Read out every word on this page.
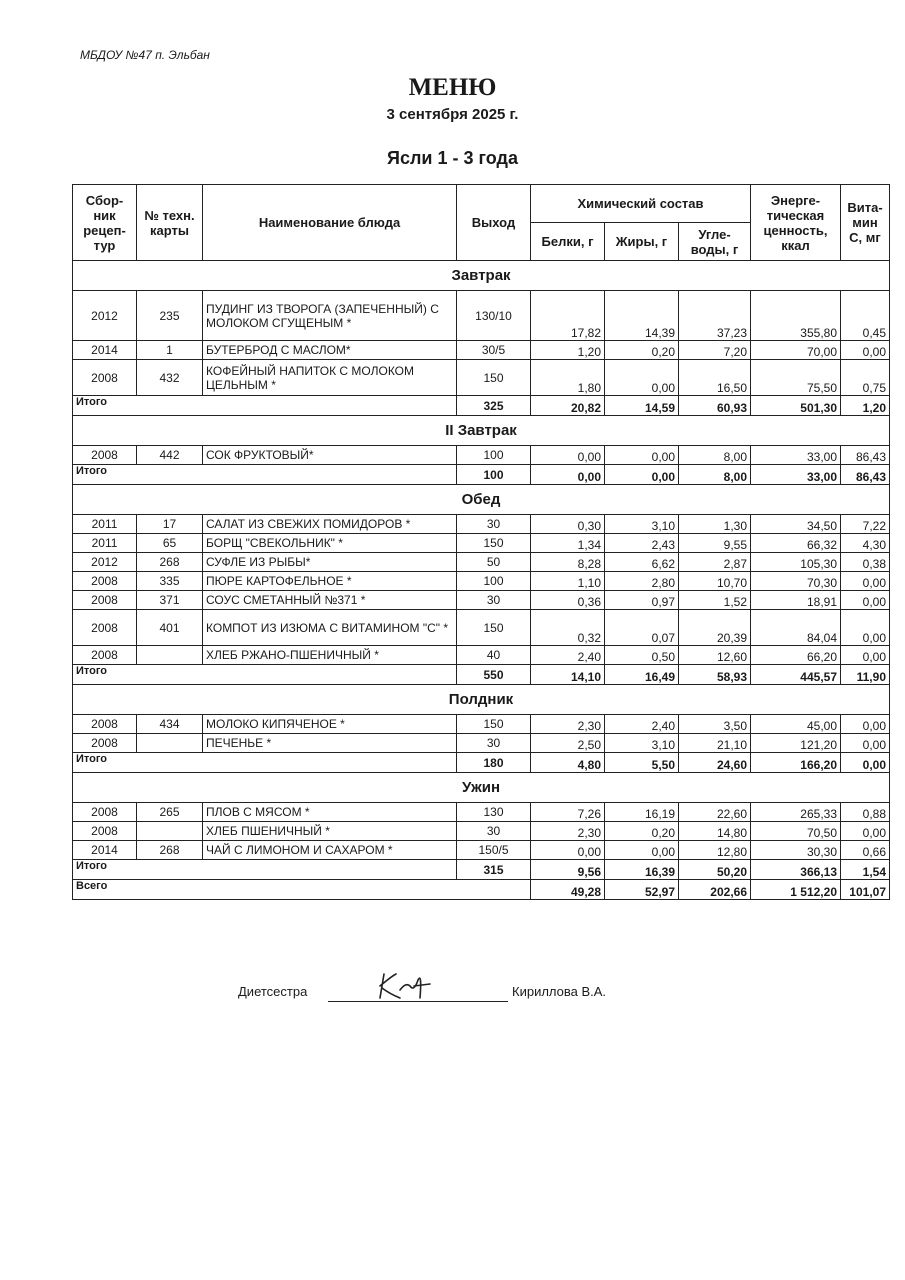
МБДОУ №47 п. Эльбан
МЕНЮ
3 сентября 2025 г.
Ясли 1 - 3 года
Сбор-ник рецеп-тур	№ техн. карты	Наименование блюда	Выход	Химический состав			Энерге-тическая ценность, ккал	Вита-мин С, мг
				Белки, г	Жиры, г	Угле-воды, г		
Завтрак								
2012	235	ПУДИНГ ИЗ ТВОРОГА (ЗАПЕЧЕННЫЙ) С МОЛОКОМ СГУЩЕНЫМ *	130/10	17,82	14,39	37,23	355,80	0,45
2014	1	БУТЕРБРОД С МАСЛОМ*	30/5	1,20	0,20	7,20	70,00	0,00
2008	432	КОФЕЙНЫЙ НАПИТОК С МОЛОКОМ ЦЕЛЬНЫМ *	150	1,80	0,00	16,50	75,50	0,75
Итого			325	20,82	14,59	60,93	501,30	1,20
II Завтрак								
2008	442	СОК ФРУКТОВЫЙ*	100	0,00	0,00	8,00	33,00	86,43
Итого			100	0,00	0,00	8,00	33,00	86,43
Обед								
2011	17	САЛАТ ИЗ СВЕЖИХ ПОМИДОРОВ *	30	0,30	3,10	1,30	34,50	7,22
2011	65	БОРЩ "СВЕКОЛЬНИК" *	150	1,34	2,43	9,55	66,32	4,30
2012	268	СУФЛЕ ИЗ РЫБЫ*	50	8,28	6,62	2,87	105,30	0,38
2008	335	ПЮРЕ КАРТОФЕЛЬНОЕ *	100	1,10	2,80	10,70	70,30	0,00
2008	371	СОУС СМЕТАННЫЙ №371 *	30	0,36	0,97	1,52	18,91	0,00
2008	401	КОМПОТ ИЗ ИЗЮМА С ВИТАМИНОМ "С" *	150	0,32	0,07	20,39	84,04	0,00
2008		ХЛЕБ РЖАНО-ПШЕНИЧНЫЙ *	40	2,40	0,50	12,60	66,20	0,00
Итого			550	14,10	16,49	58,93	445,57	11,90
Полдник								
2008	434	МОЛОКО КИПЯЧЕНОЕ *	150	2,30	2,40	3,50	45,00	0,00
2008		ПЕЧЕНЬЕ *	30	2,50	3,10	21,10	121,20	0,00
Итого			180	4,80	5,50	24,60	166,20	0,00
Ужин								
2008	265	ПЛОВ С МЯСОМ *	130	7,26	16,19	22,60	265,33	0,88
2008		ХЛЕБ ПШЕНИЧНЫЙ *	30	2,30	0,20	14,80	70,50	0,00
2014	268	ЧАЙ С ЛИМОНОМ И САХАРОМ *	150/5	0,00	0,00	12,80	30,30	0,66
Итого			315	9,56	16,39	50,20	366,13	1,54
Всего				49,28	52,97	202,66	1 512,20	101,07
Диетсестра	Кириллова В.А.
